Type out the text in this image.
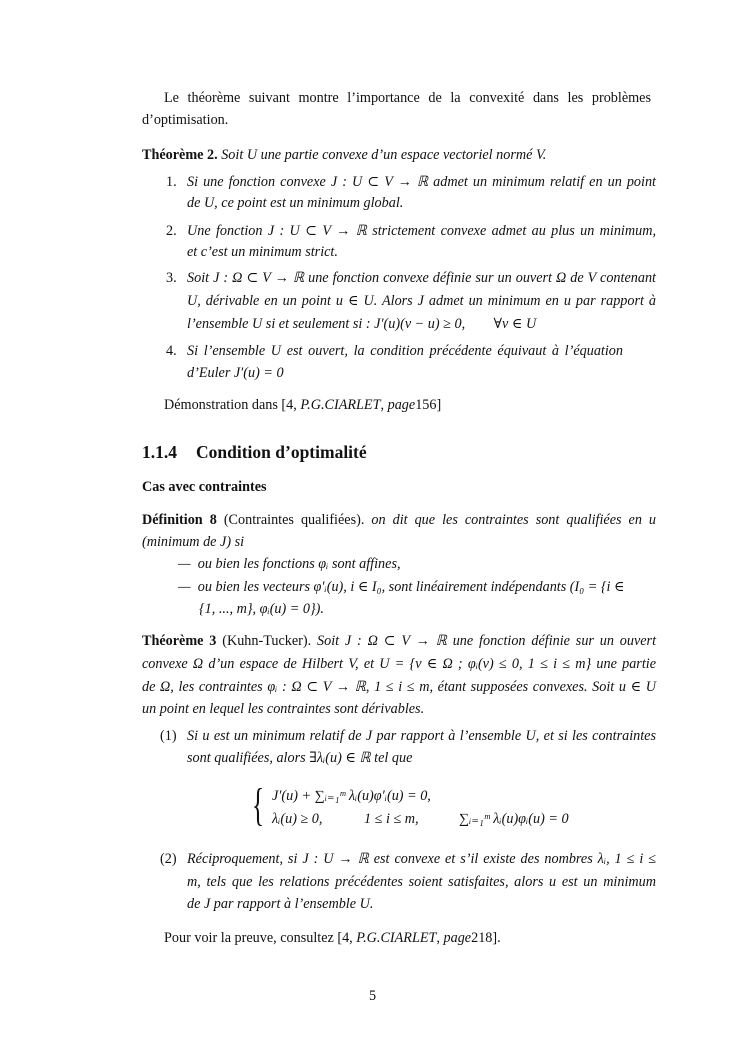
Le théorème suivant montre l’importance de la convexité dans les problèmes
d’optimisation.
Théorème 2. Soit U une partie convexe d’un espace vectoriel normé V.
1. Si une fonction convexe J : U ⊂ V → ℝ admet un minimum relatif en un point
de U, ce point est un minimum global.
2. Une fonction J : U ⊂ V → ℝ strictement convexe admet au plus un minimum,
et c’est un minimum strict.
3. Soit J : Ω ⊂ V → ℝ une fonction convexe définie sur un ouvert Ω de V contenant
U, dérivable en un point u ∈ U. Alors J admet un minimum en u par rapport à
l’ensemble U si et seulement si : J′(u)(v − u) ≥ 0,        ∀v ∈ U
4. Si l’ensemble U est ouvert, la condition précédente équivaut à l’équation
d’Euler J′(u) = 0
Démonstration dans [4, P.G.CIARLET, page156]
1.1.4 Condition d’optimalité
Cas avec contraintes
Définition 8 (Contraintes qualifiées). on dit que les contraintes sont qualifiées en u
(minimum de J) si
— ou bien les fonctions φᵢ sont affines,
— ou bien les vecteurs φ′ᵢ(u), i ∈ I₀, sont linéairement indépendants (I₀ = {i ∈
{1, ..., m}, φᵢ(u) = 0}).
Théorème 3 (Kuhn-Tucker). Soit J : Ω ⊂ V → ℝ une fonction définie sur un ouvert
convexe Ω d’un espace de Hilbert V, et U = {v ∈ Ω ; φᵢ(v) ≤ 0, 1 ≤ i ≤ m} une partie
de Ω, les contraintes φᵢ : Ω ⊂ V → ℝ, 1 ≤ i ≤ m, étant supposées convexes. Soit u ∈ U
un point en lequel les contraintes sont dérivables.
(1) Si u est un minimum relatif de J par rapport à l’ensemble U, et si les contraintes
sont qualifiées, alors ∃λᵢ(u) ∈ ℝ tel que
{ J′(u) + ∑ᵢ₌₁ᵐ λᵢ(u)φ′ᵢ(u) = 0,
λᵢ(u) ≥ 0,	1 ≤ i ≤ m,	∑ᵢ₌₁ᵐ λᵢ(u)φᵢ(u) = 0
(2) Réciproquement, si J : U → ℝ est convexe et s’il existe des nombres λᵢ, 1 ≤ i ≤
m, tels que les relations précédentes soient satisfaites, alors u est un minimum
de J par rapport à l’ensemble U.
Pour voir la preuve, consultez [4, P.G.CIARLET, page218].
5
